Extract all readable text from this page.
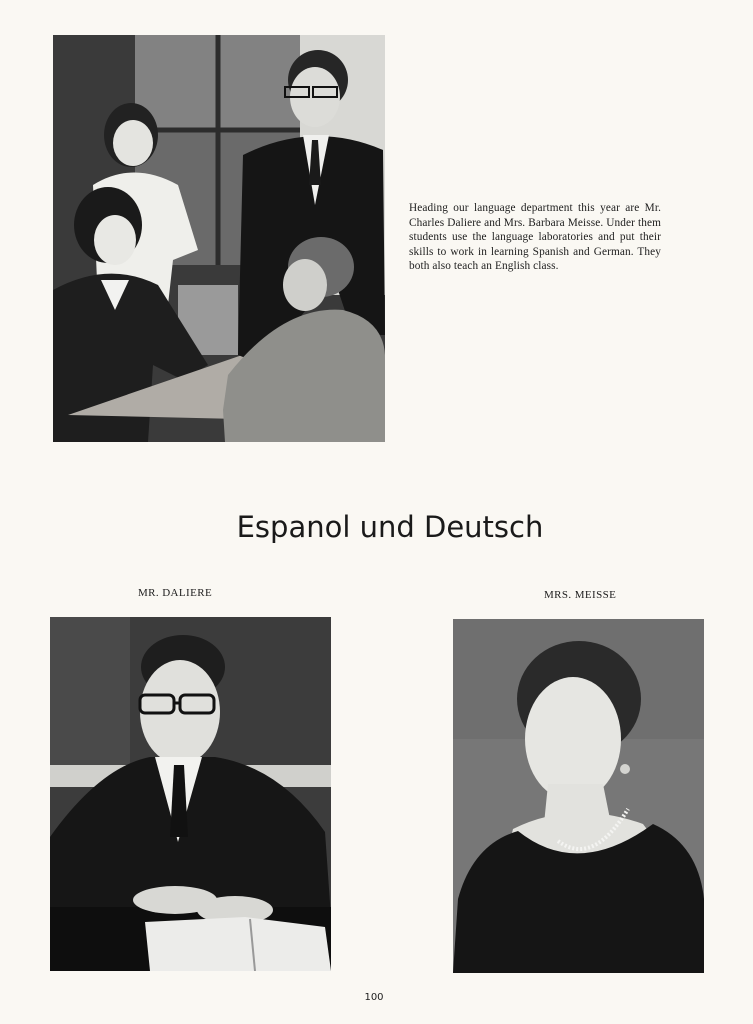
Heading our language department this year are Mr. Charles Daliere and Mrs. Barbara Meisse. Under them students use the language laboratories and put their skills to work in learning Spanish and German. They both also teach an English class.
Espanol und Deutsch
MR. DALIERE	MRS. MEISSE
100
